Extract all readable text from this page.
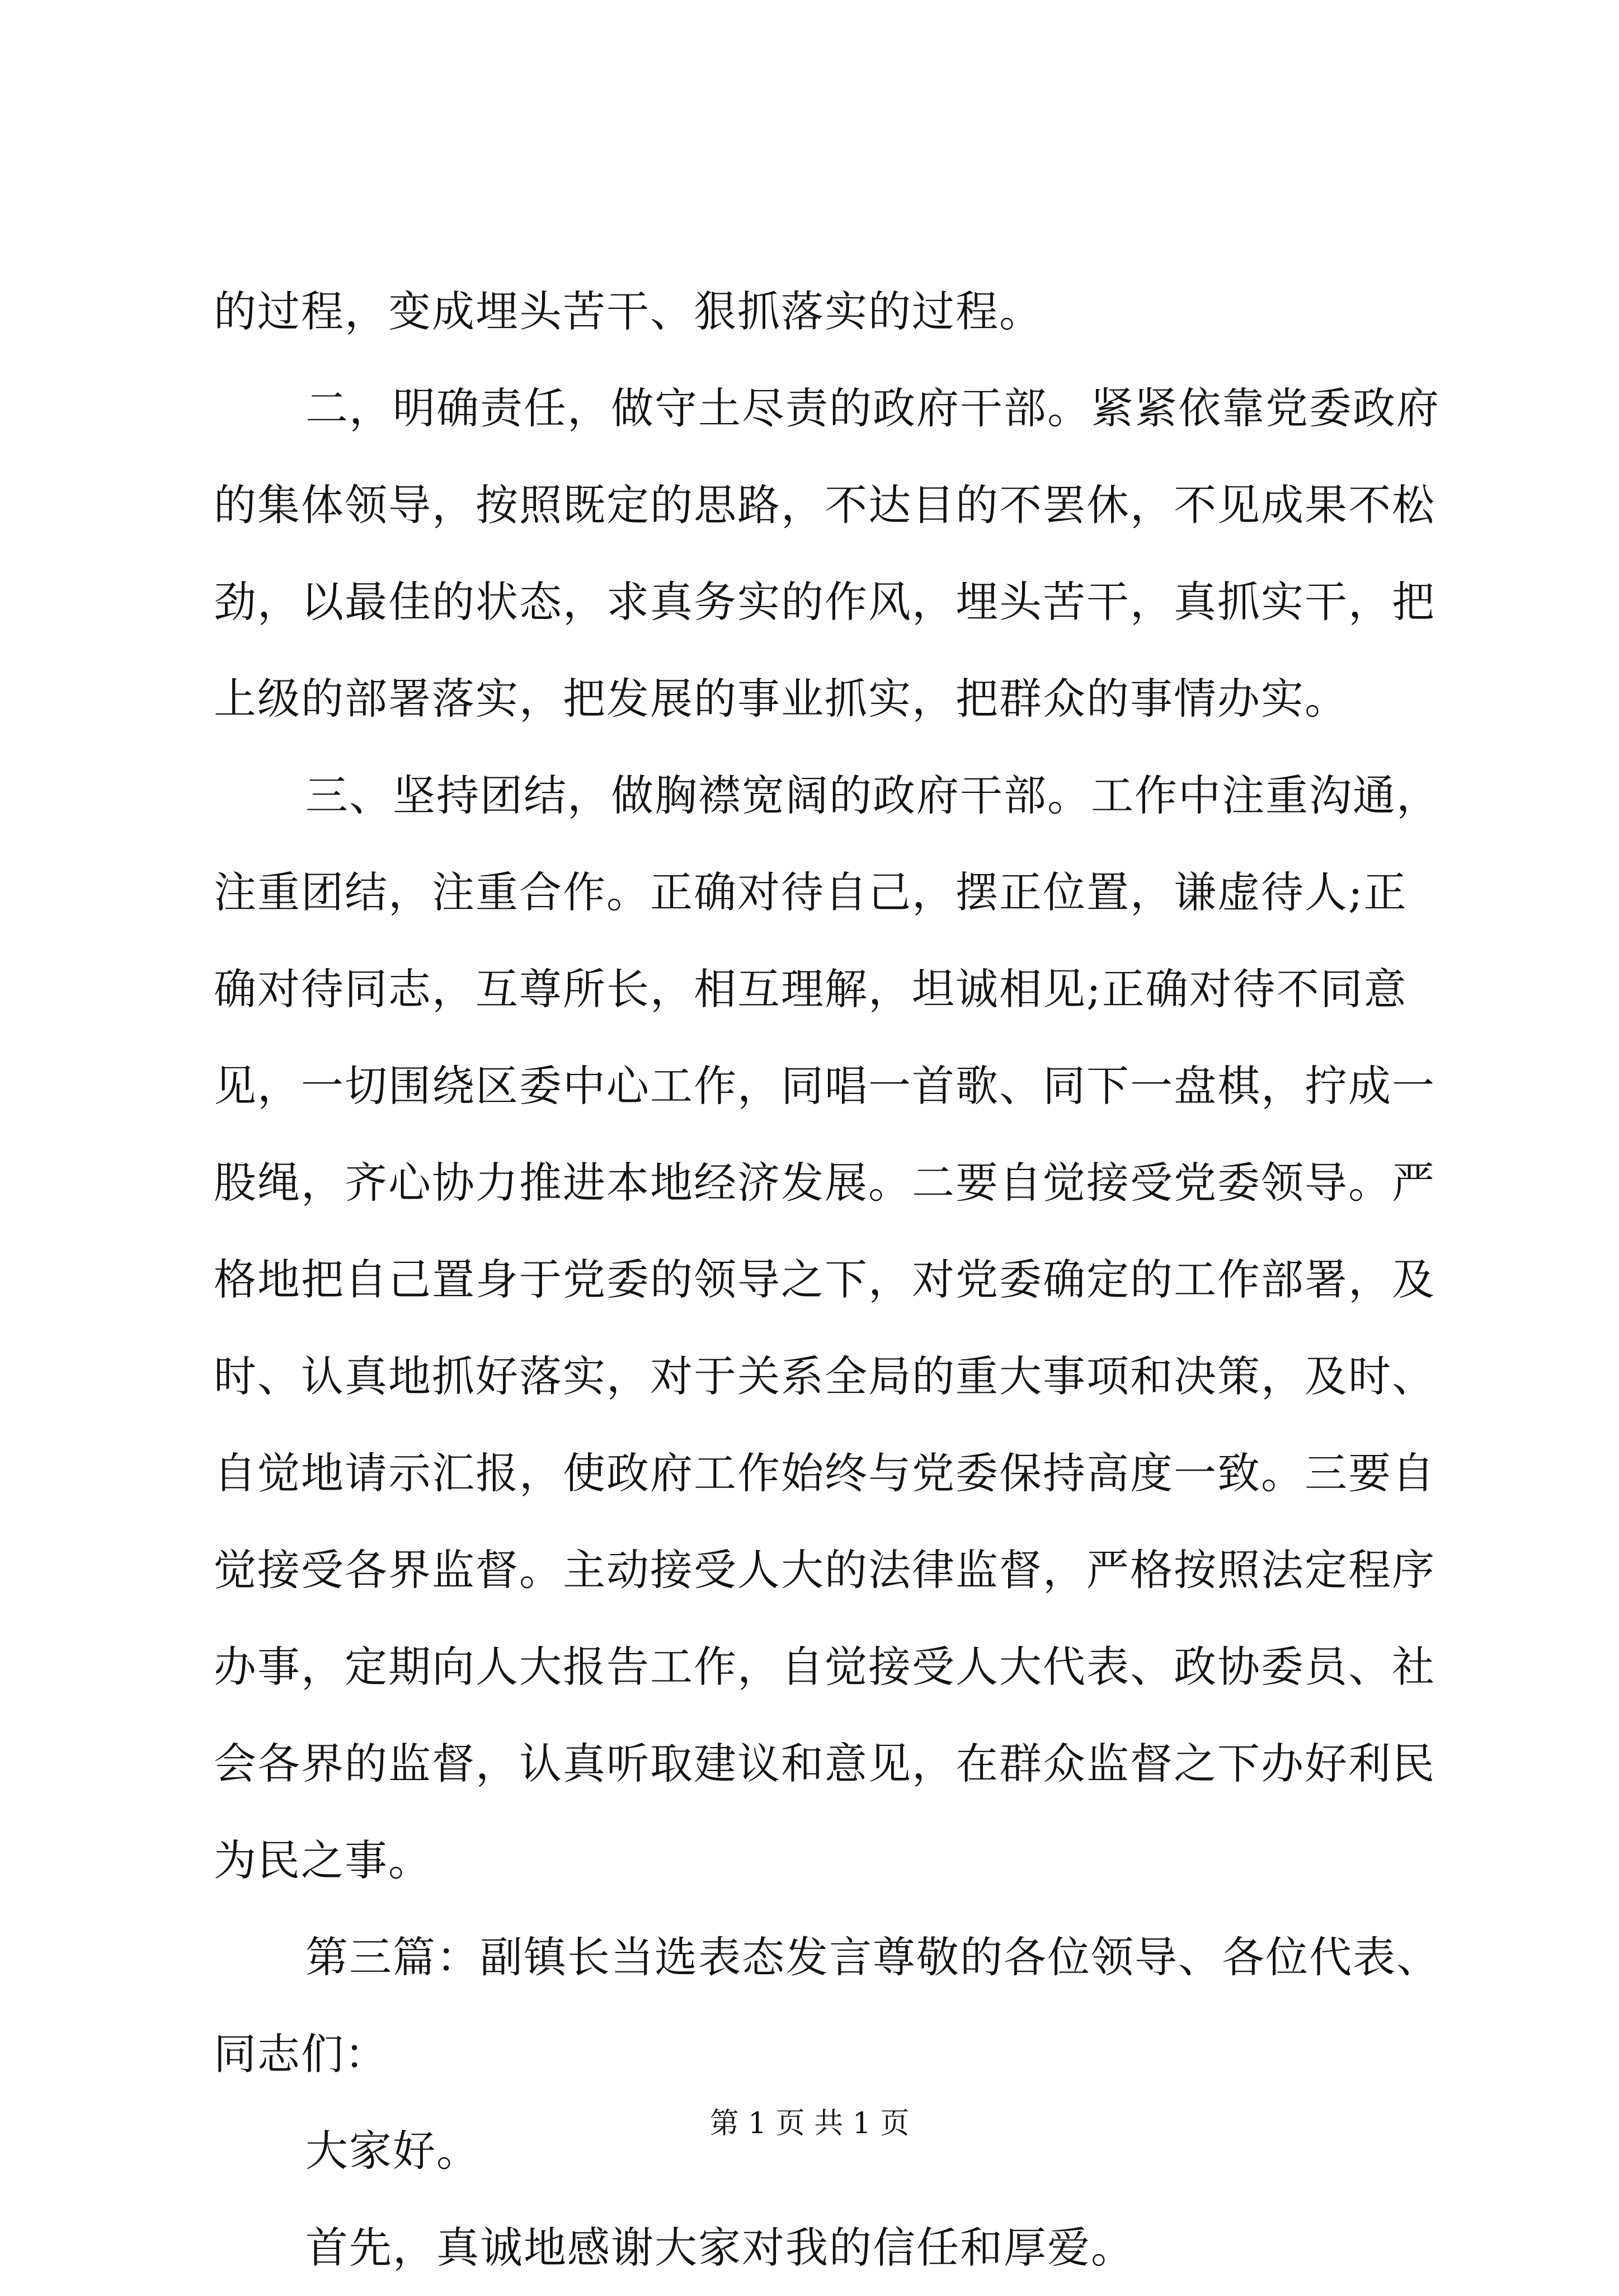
的过程，变成埋头苦干、狠抓落实的过程。
二，明确责任，做守土尽责的政府干部。紧紧依靠党委政府
的集体领导，按照既定的思路，不达目的不罢休，不见成果不松
劲，以最佳的状态，求真务实的作风，埋头苦干，真抓实干，把
上级的部署落实，把发展的事业抓实，把群众的事情办实。
三、坚持团结，做胸襟宽阔的政府干部。工作中注重沟通，
注重团结，注重合作。正确对待自己，摆正位置，谦虚待人;正
确对待同志，互尊所长，相互理解，坦诚相见;正确对待不同意
见，一切围绕区委中心工作，同唱一首歌、同下一盘棋，拧成一
股绳，齐心协力推进本地经济发展。二要自觉接受党委领导。严
格地把自己置身于党委的领导之下，对党委确定的工作部署，及
时、认真地抓好落实，对于关系全局的重大事项和决策，及时、
自觉地请示汇报，使政府工作始终与党委保持高度一致。三要自
觉接受各界监督。主动接受人大的法律监督，严格按照法定程序
办事，定期向人大报告工作，自觉接受人大代表、政协委员、社
会各界的监督，认真听取建议和意见，在群众监督之下办好利民
为民之事。
第三篇：副镇长当选表态发言尊敬的各位领导、各位代表、
同志们：
大家好。
首先，真诚地感谢大家对我的信任和厚爱。
第 1 页 共 1 页
